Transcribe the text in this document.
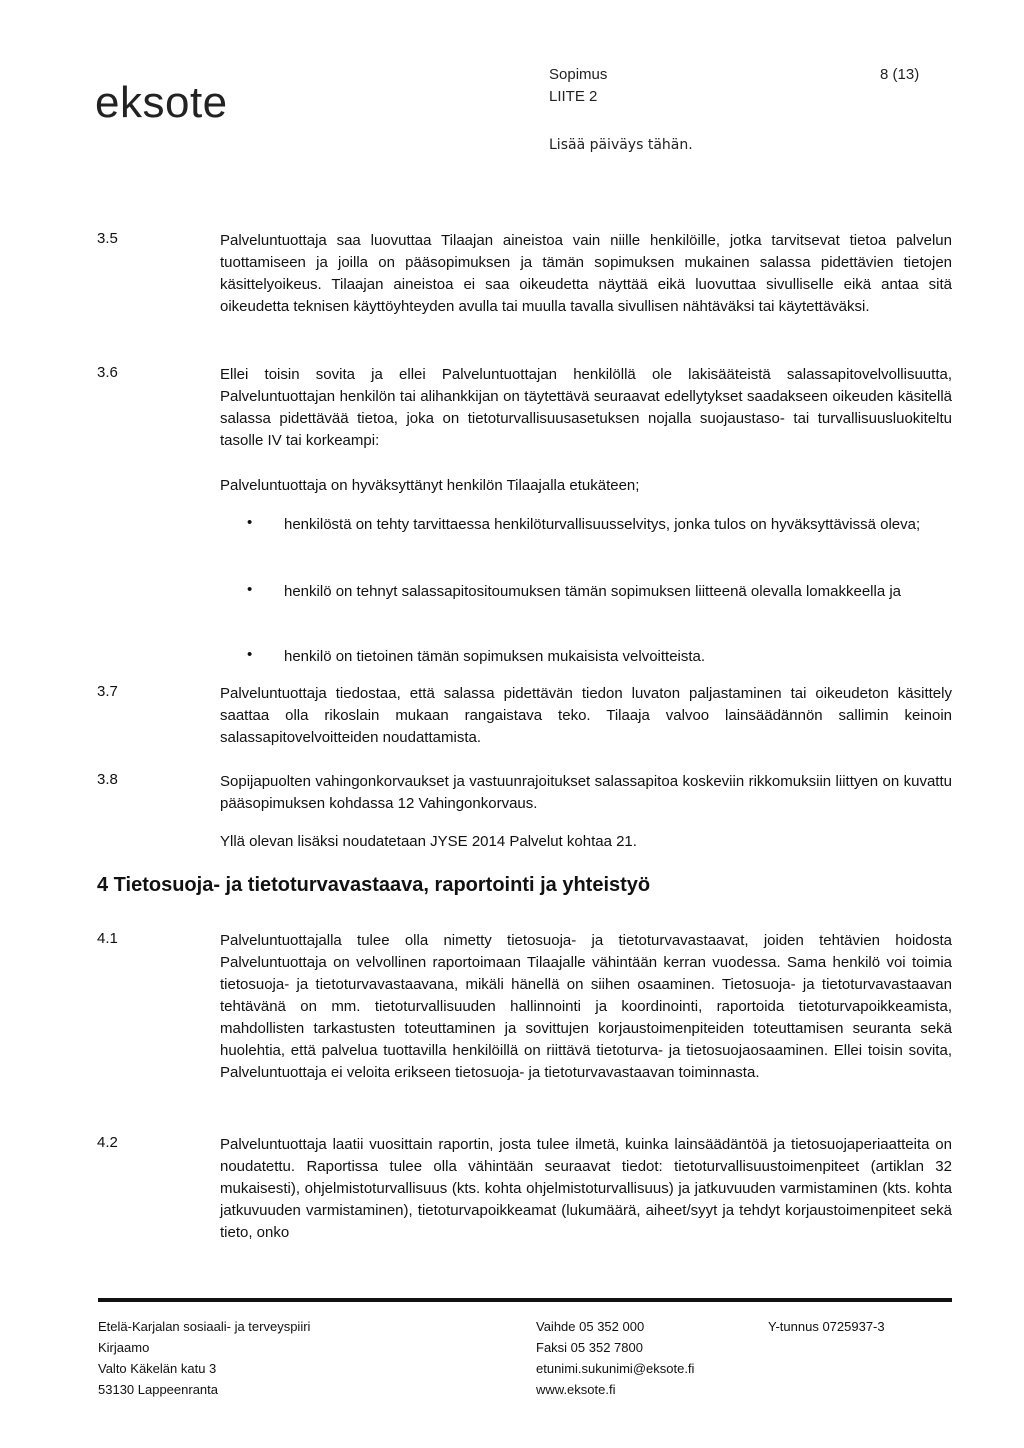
eksote
Sopimus
LIITE 2
8 (13)
Lisää päiväys tähän.
3.5	Palveluntuottaja saa luovuttaa Tilaajan aineistoa vain niille henkilöille, jotka tarvitsevat tietoa palvelun tuottamiseen ja joilla on pääsopimuksen ja tämän sopimuksen mukainen salassa pidettävien tietojen käsittelyoikeus. Tilaajan aineistoa ei saa oikeudetta näyttää eikä luovuttaa sivulliselle eikä antaa sitä oikeudetta teknisen käyttöyhteyden avulla tai muulla tavalla sivullisen nähtäväksi tai käytettäväksi.
3.6	Ellei toisin sovita ja ellei Palveluntuottajan henkilöllä ole lakisääteistä salassapitovelvollisuutta, Palveluntuottajan henkilön tai alihankkijan on täytettävä seuraavat edellytykset saadakseen oikeuden käsitellä salassa pidettävää tietoa, joka on tietoturvallisuusasetuksen nojalla suojaustaso- tai turvallisuusluokiteltu tasolle IV tai korkeampi:
Palveluntuottaja on hyväksyttänyt henkilön Tilaajalla etukäteen;
• henkilöstä on tehty tarvittaessa henkilöturvallisuusselvitys, jonka tulos on hyväksyttävissä oleva;
• henkilö on tehnyt salassapitositoumuksen tämän sopimuksen liitteenä olevalla lomakkeella ja
• henkilö on tietoinen tämän sopimuksen mukaisista velvoitteista.
3.7	Palveluntuottaja tiedostaa, että salassa pidettävän tiedon luvaton paljastaminen tai oikeudeton käsittely saattaa olla rikoslain mukaan rangaistava teko. Tilaaja valvoo lainsäädännön sallimin keinoin salassapitovelvoitteiden noudattamista.
3.8	Sopijapuolten vahingonkorvaukset ja vastuunrajoitukset salassapitoa koskeviin rikkomuksiin liittyen on kuvattu pääsopimuksen kohdassa 12 Vahingonkorvaus.
Yllä olevan lisäksi noudatetaan JYSE 2014 Palvelut kohtaa 21.
4 Tietosuoja- ja tietoturvavastaava, raportointi ja yhteistyö
4.1	Palveluntuottajalla tulee olla nimetty tietosuoja- ja tietoturvavastaavat, joiden tehtävien hoidosta Palveluntuottaja on velvollinen raportoimaan Tilaajalle vähintään kerran vuodessa. Sama henkilö voi toimia tietosuoja- ja tietoturvavastaavana, mikäli hänellä on siihen osaaminen. Tietosuoja- ja tietoturvavastaavan tehtävänä on mm. tietoturvallisuuden hallinnointi ja koordinointi, raportoida tietoturvapoikkeamista, mahdollisten tarkastusten toteuttaminen ja sovittujen korjaustoimenpiteiden toteuttamisen seuranta sekä huolehtia, että palvelua tuottavilla henkilöillä on riittävä tietoturva- ja tietosuojaosaaminen. Ellei toisin sovita, Palveluntuottaja ei veloita erikseen tietosuoja- ja tietoturvavastaavan toiminnasta.
4.2	Palveluntuottaja laatii vuosittain raportin, josta tulee ilmetä, kuinka lainsäädäntöä ja tietosuojaperiaatteita on noudatettu. Raportissa tulee olla vähintään seuraavat tiedot: tietoturvallisuustoimenpiteet (artiklan 32 mukaisesti), ohjelmistoturvallisuus (kts. kohta ohjelmistoturvallisuus) ja jatkuvuuden varmistaminen (kts. kohta jatkuvuuden varmistaminen), tietoturvapoikkeamat (lukumäärä, aiheet/syyt ja tehdyt korjaustoimenpiteet sekä tieto, onko
Etelä-Karjalan sosiaali- ja terveyspiiri
Kirjaamo
Valto Käkelän katu 3
53130 Lappeenranta
Vaihde 05 352 000
Faksi 05 352 7800
etunimi.sukunimi@eksote.fi
www.eksote.fi
Y-tunnus 0725937-3
